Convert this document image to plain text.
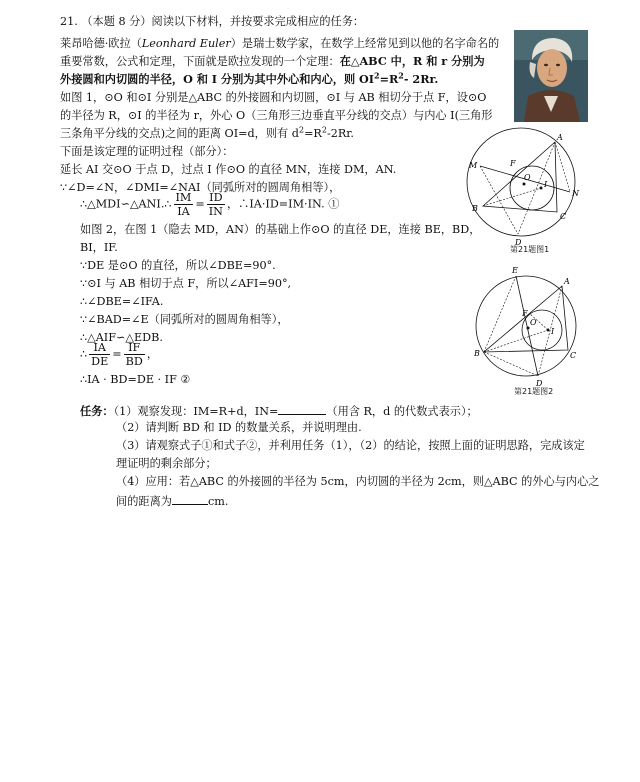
21. （本题 8 分）阅读以下材料，并按要求完成相应的任务：
莱昂哈德·欧拉（Leonhard Euler）是瑞士数学家，在数学上经常见到以他的名字命名的
重要常数，公式和定理，下面就是欧拉发现的一个定理：在△ABC 中，R 和 r 分别为
外接圆和内切圆的半径，O 和 I 分别为其中外心和内心，则 $OI^2=R^2-$ 2Rr.
如图 1，⊙O 和⊙I 分别是△ABC 的外接圆和内切圆，⊙I 与 AB 相切分于点 F，设⊙O
的半径为 R，⊙I 的半径为 r，外心 O（三角形三边垂直平分线的交点）与内心 I(三角形
三条角平分线的交点)之间的距离 OI=d，则有 $d^2=R^2-2Rr$.
下面是该定理的证明过程（部分）：
延长 AI 交⊙O 于点 D，过点 I 作⊙O 的直径 MN，连接 DM，AN.
∵∠D=∠N，∠DMI=∠NAI（同弧所对的圆周角相等），
∴△MDI∽△ANI.∴ $\frac{IM}{IA} = \frac{ID}{IN}$ ，∴IA·ID=IM·IN. ①
如图 2，在图 1（隐去 MD，AN）的基础上作⊙O 的直径 DE，连接 BE，BD，
BI，IF.
∵DE 是⊙O 的直径，所以∠DBE=90°.
∵⊙I 与 AB 相切于点 F，所以∠AFI=90°,
∴∠DBE=∠IFA.
∵∠BAD=∠E（同弧所对的圆周角相等），
∴△AIF∽△EDB.
∴ $\frac{IA}{DE} = \frac{IF}{BD}$ ，
∴IA · BD=DE · IF ②
任务：（1）观察发现：IM=R+d，IN=	（用含 R，d 的代数式表示）；
（2）请判断 BD 和 ID 的数量关系，并说明理由.
（3）请观察式子①和式子②，并利用任务（1），（2）的结论，按照上面的证明思路，完成该定
理证明的剩余部分；
（4）应用：若△ABC 的外接圆的半径为 5cm，内切圆的半径为 2cm，则△ABC 的外心与内心之
间的距离为	cm.
A
B
C
D
M
N
F
O
I
第21题图1
A
B	C
D
E
F
O
I
第21题图2
